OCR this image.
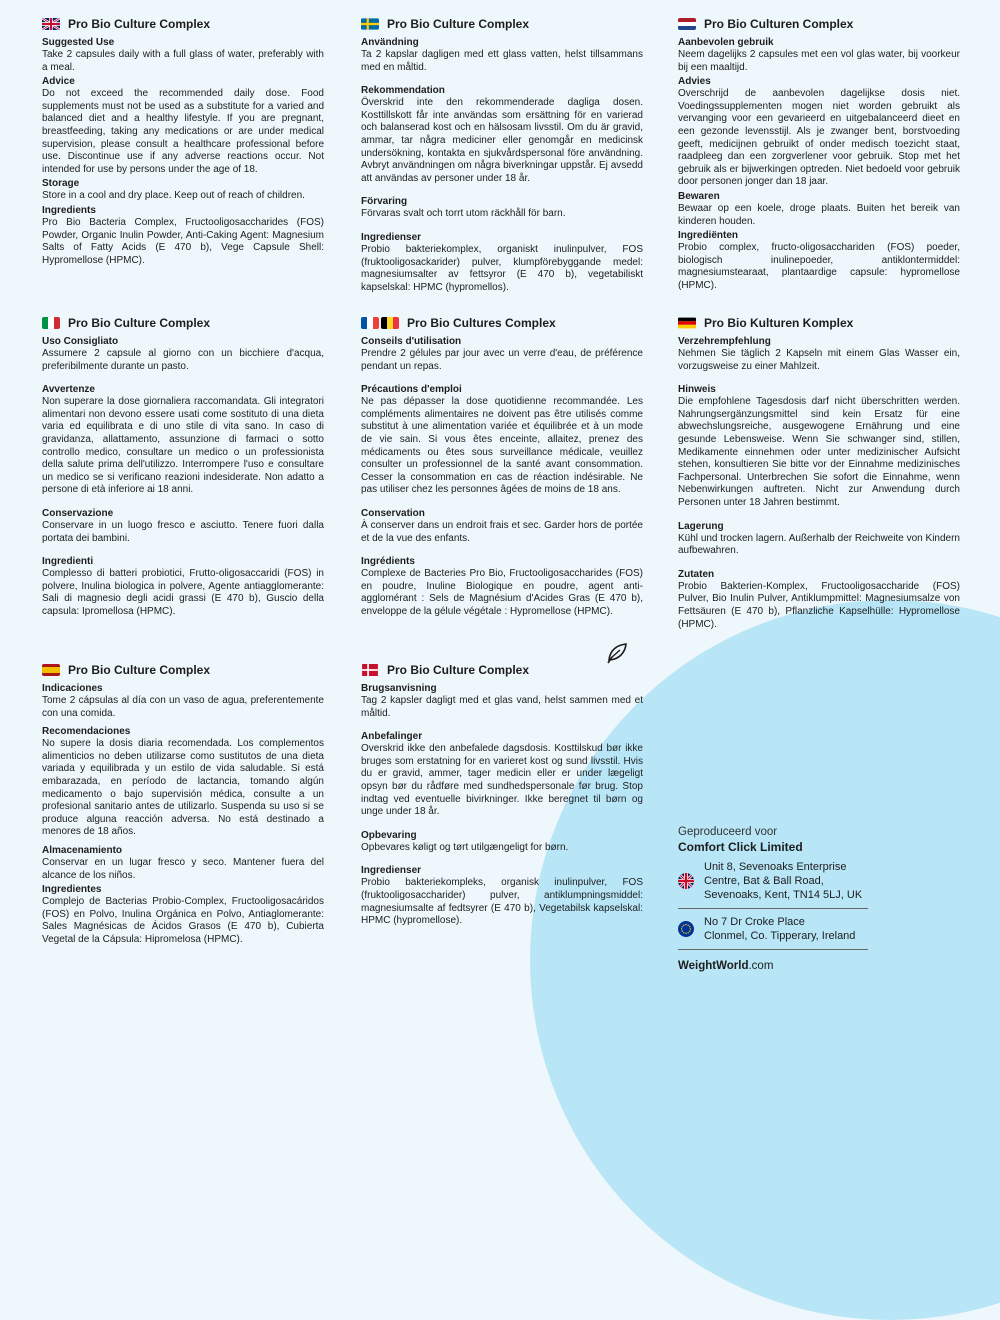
Pro Bio Culture Complex
Suggested Use

Take 2 capsules daily with a full glass of water, preferably with a meal.

Advice

Do not exceed the recommended daily dose. Food supplements must not be used as a substitute for a varied and balanced diet and a healthy lifestyle. If you are pregnant, breastfeeding, taking any medications or are under medical supervision, please consult a healthcare professional before use. Discontinue use if any adverse reactions occur. Not intended for use by persons under the age of 18.

Storage

Store in a cool and dry place. Keep out of reach of children.

Ingredients

Pro Bio Bacteria Complex, Fructooligosaccharides (FOS) Powder, Organic Inulin Powder, Anti-Caking Agent: Magnesium Salts of Fatty Acids (E 470 b), Vege Capsule Shell: Hypromellose (HPMC).

Pro Bio Culture Complex
Användning

Ta 2 kapslar dagligen med ett glass vatten, helst tillsammans med en måltid.

Rekommendation

Överskrid inte den rekommenderade dagliga dosen. Kosttillskott får inte användas som ersättning för en varierad och balanserad kost och en hälsosam livsstil. Om du är gravid, ammar, tar några mediciner eller genomgår en medicinsk undersökning, kontakta en sjukvårdspersonal före användning. Avbryt användningen om några biverkningar uppstår. Ej avsedd att användas av personer under 18 år.

Förvaring

Förvaras svalt och torrt utom räckhåll för barn.

Ingredienser

Probio bakteriekomplex, organiskt inulinpulver, FOS (fruktooligosackarider) pulver, klumpförebyggande medel: magnesiumsalter av fettsyror (E 470 b), vegetabiliskt kapselskal: HPMC (hypromellos).

Pro Bio Culturen Complex
Aanbevolen gebruik

Neem dagelijks 2 capsules met een vol glas water, bij voorkeur bij een maaltijd.

Advies

Overschrijd de aanbevolen dagelijkse dosis niet. Voedingssupplementen mogen niet worden gebruikt als vervanging voor een gevarieerd en uitgebalanceerd dieet en een gezonde levensstijl. Als je zwanger bent, borstvoeding geeft, medicijnen gebruikt of onder medisch toezicht staat, raadpleeg dan een zorgverlener voor gebruik. Stop met het gebruik als er bijwerkingen optreden. Niet bedoeld voor gebruik door personen jonger dan 18 jaar.

Bewaren

Bewaar op een koele, droge plaats. Buiten het bereik van kinderen houden.

Ingrediënten

Probio complex, fructo-oligosacchariden (FOS) poeder, biologisch inulinepoeder, antiklontermiddel: magnesiumstearaat, plantaardige capsule: hypromellose (HPMC).

Pro Bio Culture Complex
Uso Consigliato

Assumere 2 capsule al giorno con un bicchiere d'acqua, preferibilmente durante un pasto.

Avvertenze

Non superare la dose giornaliera raccomandata. Gli integratori alimentari non devono essere usati come sostituto di una dieta varia ed equilibrata e di uno stile di vita sano. In caso di gravidanza, allattamento, assunzione di farmaci o sotto controllo medico, consultare un medico o un professionista della salute prima dell'utilizzo. Interrompere l'uso e consultare un medico se si verificano reazioni indesiderate. Non adatto a persone di età inferiore ai 18 anni.

Conservazione

Conservare in un luogo fresco e asciutto. Tenere fuori dalla portata dei bambini.

Ingredienti

Complesso di batteri probiotici, Frutto-oligosaccaridi (FOS) in polvere, Inulina biologica in polvere, Agente antiagglomerante: Sali di magnesio degli acidi grassi (E 470 b), Guscio della capsula: Ipromellosa (HPMC).

Pro Bio Cultures Complex
Conseils d'utilisation

Prendre 2 gélules par jour avec un verre d'eau, de préférence pendant un repas.

Précautions d'emploi

Ne pas dépasser la dose quotidienne recommandée. Les compléments alimentaires ne doivent pas être utilisés comme substitut à une alimentation variée et équilibrée et à un mode de vie sain. Si vous êtes enceinte, allaitez, prenez des médicaments ou êtes sous surveillance médicale, veuillez consulter un professionnel de la santé avant consommation. Cesser la consommation en cas de réaction indésirable. Ne pas utiliser chez les personnes âgées de moins de 18 ans.

Conservation

À conserver dans un endroit frais et sec. Garder hors de portée et de la vue des enfants.

Ingrédients

Complexe de Bacteries Pro Bio, Fructooligosaccharides (FOS) en poudre, Inuline Biologique en poudre, agent anti-agglomérant : Sels de Magnésium d'Acides Gras (E 470 b), enveloppe de la gélule végétale : Hypromellose (HPMC).

Pro Bio Kulturen Komplex
Verzehrempfehlung

Nehmen Sie täglich 2 Kapseln mit einem Glas Wasser ein, vorzugsweise zu einer Mahlzeit.

Hinweis

Die empfohlene Tagesdosis darf nicht überschritten werden. Nahrungsergänzungsmittel sind kein Ersatz für eine abwechslungsreiche, ausgewogene Ernährung und eine gesunde Lebensweise. Wenn Sie schwanger sind, stillen, Medikamente einnehmen oder unter medizinischer Aufsicht stehen, konsultieren Sie bitte vor der Einnahme medizinisches Fachpersonal. Unterbrechen Sie sofort die Einnahme, wenn Nebenwirkungen auftreten. Nicht zur Anwendung durch Personen unter 18 Jahren bestimmt.

Lagerung

Kühl und trocken lagern. Außerhalb der Reichweite von Kindern aufbewahren.

Zutaten

Probio Bakterien-Komplex, Fructooligosaccharide (FOS) Pulver, Bio Inulin Pulver, Antiklumpmittel: Magnesiumsalze von Fettsäuren (E 470 b), Pflanzliche Kapselhülle: Hypromellose (HPMC).

Pro Bio Culture Complex
Indicaciones

Tome 2 cápsulas al día con un vaso de agua, preferentemente con una comida.

Recomendaciones

No supere la dosis diaria recomendada. Los complementos alimenticios no deben utilizarse como sustitutos de una dieta variada y equilibrada y un estilo de vida saludable. Si está embarazada, en período de lactancia, tomando algún medicamento o bajo supervisión médica, consulte a un profesional sanitario antes de utilizarlo. Suspenda su uso si se produce alguna reacción adversa. No está destinado a menores de 18 años.

Almacenamiento

Conservar en un lugar fresco y seco. Mantener fuera del alcance de los niños.

Ingredientes

Complejo de Bacterias Probio-Complex, Fructooligosacáridos (FOS) en Polvo, Inulina Orgánica en Polvo, Antiaglomerante: Sales Magnésicas de Ácidos Grasos (E 470 b), Cubierta Vegetal de la Cápsula: Hipromelosa (HPMC).

Pro Bio Culture Complex
Brugsanvisning

Tag 2 kapsler dagligt med et glas vand, helst sammen med et måltid.

Anbefalinger

Overskrid ikke den anbefalede dagsdosis. Kosttilskud bør ikke bruges som erstatning for en varieret kost og sund livsstil. Hvis du er gravid, ammer, tager medicin eller er under lægeligt opsyn bør du rådføre med sundhedspersonale før brug. Stop indtag ved eventuelle bivirkninger. Ikke beregnet til børn og unge under 18 år.

Opbevaring

Opbevares køligt og tørt utilgængeligt for børn.

Ingredienser

Probio bakteriekompleks, organisk inulinpulver, FOS (fruktooligosaccharider) pulver, antiklumpningsmiddel: magnesiumsalte af fedtsyrer (E 470 b), Vegetabilsk kapselskal: HPMC (hypromellose).

Geproduceerd voor
Comfort Click Limited
Unit 8, Sevenoaks Enterprise
Centre, Bat & Ball Road,
Sevenoaks, Kent, TN14 5LJ, UK
No 7 Dr Croke Place
Clonmel, Co. Tipperary, Ireland
WeightWorld.com
